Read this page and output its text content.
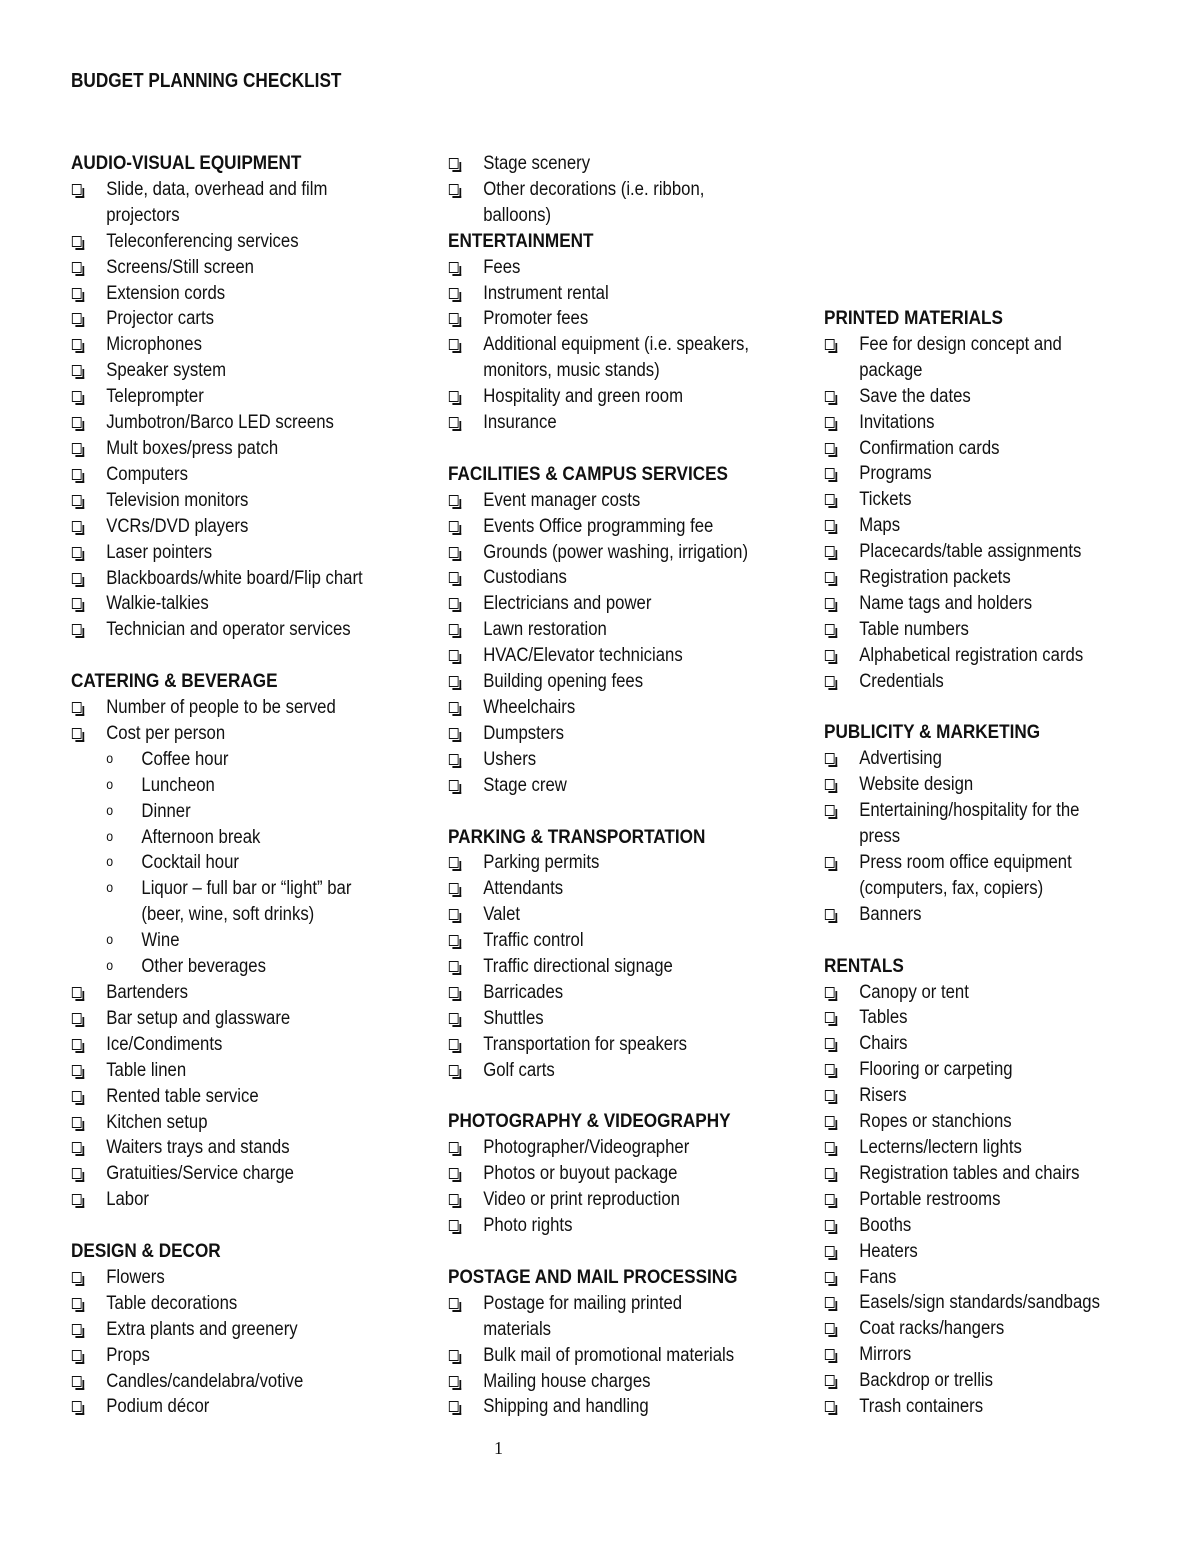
BUDGET PLANNING CHECKLIST
AUDIO-VISUAL EQUIPMENT
Slide, data, overhead and film
projectors
Teleconferencing services
Screens/Still screen
Extension cords
Projector carts
Microphones
Speaker system
Teleprompter
Jumbotron/Barco LED screens
Mult boxes/press patch
Computers
Television monitors
VCRs/DVD players
Laser pointers
Blackboards/white board/Flip chart
Walkie-talkies
Technician and operator services
CATERING & BEVERAGE
Number of people to be served
Cost per person
o Coffee hour
o Luncheon
o Dinner
o Afternoon break
o Cocktail hour
o Liquor – full bar or “light” bar
(beer, wine, soft drinks)
o Wine
o Other beverages
Bartenders
Bar setup and glassware
Ice/Condiments
Table linen
Rented table service
Kitchen setup
Waiters trays and stands
Gratuities/Service charge
Labor
DESIGN & DECOR
Flowers
Table decorations
Extra plants and greenery
Props
Candles/candelabra/votive
Podium décor
Stage scenery
Other decorations (i.e. ribbon,
balloons)
ENTERTAINMENT
Fees
Instrument rental
Promoter fees
Additional equipment (i.e. speakers,
monitors, music stands)
Hospitality and green room
Insurance
FACILITIES & CAMPUS SERVICES
Event manager costs
Events Office programming fee
Grounds (power washing, irrigation)
Custodians
Electricians and power
Lawn restoration
HVAC/Elevator technicians
Building opening fees
Wheelchairs
Dumpsters
Ushers
Stage crew
PARKING & TRANSPORTATION
Parking permits
Attendants
Valet
Traffic control
Traffic directional signage
Barricades
Shuttles
Transportation for speakers
Golf carts
PHOTOGRAPHY & VIDEOGRAPHY
Photographer/Videographer
Photos or buyout package
Video or print reproduction
Photo rights
POSTAGE AND MAIL PROCESSING
Postage for mailing printed
materials
Bulk mail of promotional materials
Mailing house charges
Shipping and handling
PRINTED MATERIALS
Fee for design concept and
package
Save the dates
Invitations
Confirmation cards
Programs
Tickets
Maps
Placecards/table assignments
Registration packets
Name tags and holders
Table numbers
Alphabetical registration cards
Credentials
PUBLICITY & MARKETING
Advertising
Website design
Entertaining/hospitality for the
press
Press room office equipment
(computers, fax, copiers)
Banners
RENTALS
Canopy or tent
Tables
Chairs
Flooring or carpeting
Risers
Ropes or stanchions
Lecterns/lectern lights
Registration tables and chairs
Portable restrooms
Booths
Heaters
Fans
Easels/sign standards/sandbags
Coat racks/hangers
Mirrors
Backdrop or trellis
Trash containers
1
